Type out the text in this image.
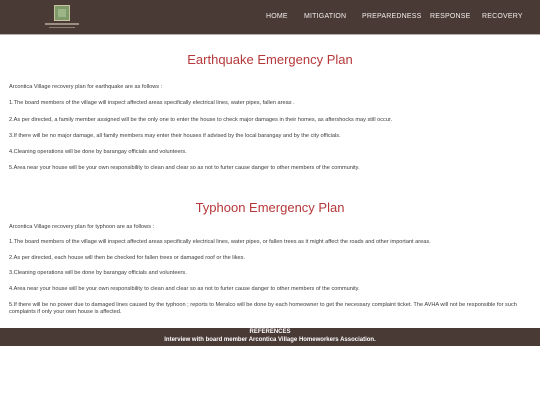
HOME MITIGATION PREPAREDNESS RESPONSE RECOVERY
Earthquake Emergency Plan

Arcontica Village recovery plan for earthquake are as follows :

1.The board members of the village will inspect affected areas specifically electrical lines, water pipes, fallen areas .

2.As per directed, a family member assigned will be the only one to enter the house to check major damages in their homes, as aftershocks may still occur.

3.If there will be no major damage, all family members may enter their houses if advised by the local barangay and by the city officials.

4.Cleaning operations will be done by barangay officials and volunteers.

5.Area near your house will be your own responsibility to clean and clear so as not to furter cause danger to other members of the community.

Typhoon Emergency Plan

Arcontica Village recovery plan for typhoon are as follows :

1.The board members of the village will inspect affected areas specifically electrical lines, water pipes, or fallen trees as it might affect the roads and other important areas.

2.As per directed, each house will then be checked for fallen trees or damaged roof or the likes.

3.Cleaning operations will be done by barangay officials and volunteers.

4.Area near your house will be your own responsibility to clean and clear so as not to furter cause danger to other members of the community.

5.If there will be no power due to damaged lines caused by the typhoon ; reports to Meralco will be done by each homeowner to get the necessary complaint ticket. The AVHA will not be responsible for such complaints if only your own house is affected.

REFERENCES
Interview with board member Arcontica Village Homeworkers Association.
